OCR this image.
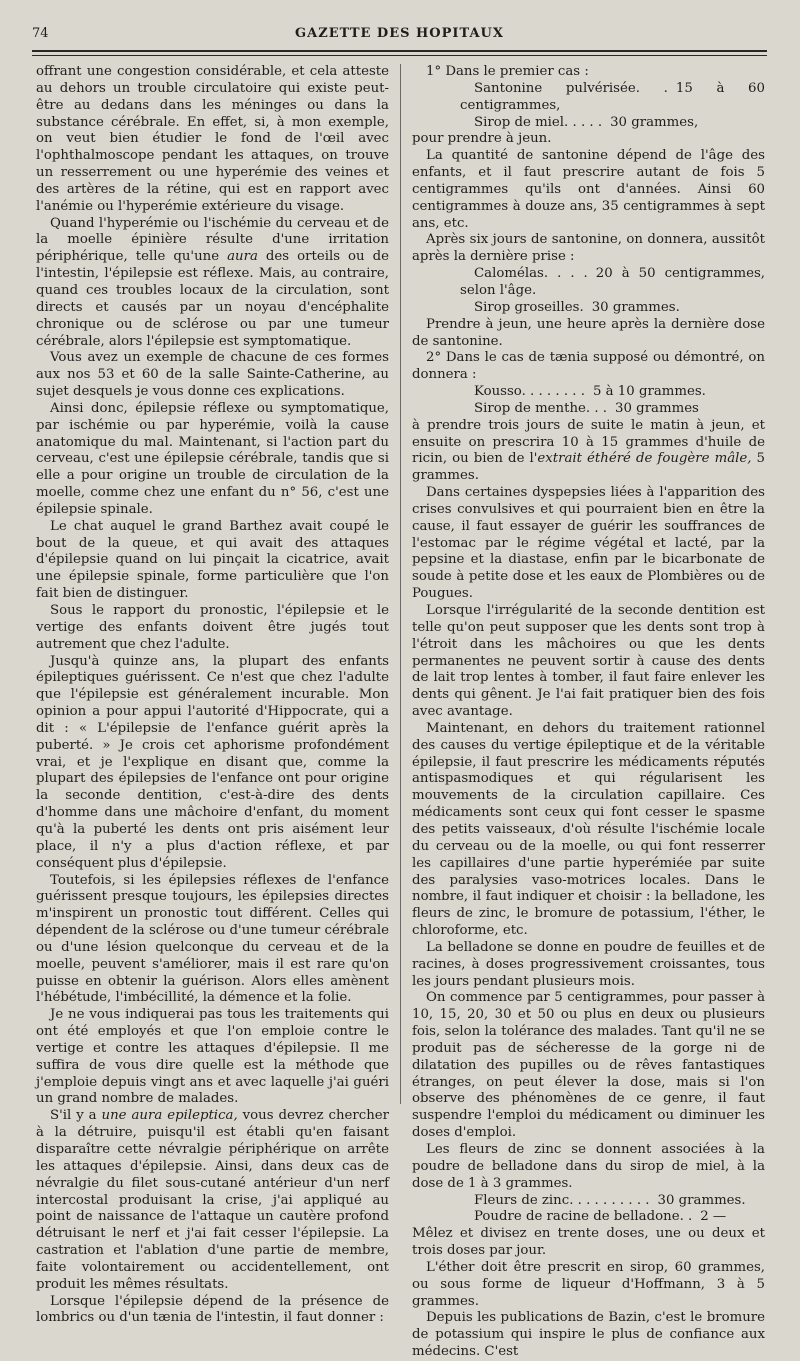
74	GAZETTE DES HOPITAUX

offrant une congestion considérable, et cela atteste au dehors un trouble circulatoire qui existe peut-être au dedans dans les méninges ou dans la substance cérébrale. En effet, si, à mon exemple, on veut bien étudier le fond de l'œil avec l'ophthalmoscope pendant les attaques, on trouve un resserrement ou une hyperémie des veines et des artères de la rétine, qui est en rapport avec l'anémie ou l'hyperémie extérieure du visage.

Quand l'hyperémie ou l'ischémie du cerveau et de la moelle épinière résulte d'une irritation périphérique, telle qu'une aura des orteils ou de l'intestin, l'épilepsie est réflexe. Mais, au contraire, quand ces troubles locaux de la circulation, sont directs et causés par un noyau d'encéphalite chronique ou de sclérose ou par une tumeur cérébrale, alors l'épilepsie est symptomatique.

Vous avez un exemple de chacune de ces formes aux nos 53 et 60 de la salle Sainte-Catherine, au sujet desquels je vous donne ces explications.

Ainsi donc, épilepsie réflexe ou symptomatique, par ischémie ou par hyperémie, voilà la cause anatomique du mal. Maintenant, si l'action part du cerveau, c'est une épilepsie cérébrale, tandis que si elle a pour origine un trouble de circulation de la moelle, comme chez une enfant du n° 56, c'est une épilepsie spinale.

Le chat auquel le grand Barthez avait coupé le bout de la queue, et qui avait des attaques d'épilepsie quand on lui pinçait la cicatrice, avait une épilepsie spinale, forme particulière que l'on fait bien de distinguer.

Sous le rapport du pronostic, l'épilepsie et le vertige des enfants doivent être jugés tout autrement que chez l'adulte.

Jusqu'à quinze ans, la plupart des enfants épileptiques guérissent. Ce n'est que chez l'adulte que l'épilepsie est généralement incurable. Mon opinion a pour appui l'autorité d'Hippocrate, qui a dit : « L'épilepsie de l'enfance guérit après la puberté. » Je crois cet aphorisme profondément vrai, et je l'explique en disant que, comme la plupart des épilepsies de l'enfance ont pour origine la seconde dentition, c'est-à-dire des dents d'homme dans une mâchoire d'enfant, du moment qu'à la puberté les dents ont pris aisément leur place, il n'y a plus d'action réflexe, et par conséquent plus d'épilepsie.

Toutefois, si les épilepsies réflexes de l'enfance guérissent presque toujours, les épilepsies directes m'inspirent un pronostic tout différent. Celles qui dépendent de la sclérose ou d'une tumeur cérébrale ou d'une lésion quelconque du cerveau et de la moelle, peuvent s'améliorer, mais il est rare qu'on puisse en obtenir la guérison. Alors elles amènent l'hébétude, l'imbécillité, la démence et la folie.

Je ne vous indiquerai pas tous les traitements qui ont été employés et que l'on emploie contre le vertige et contre les attaques d'épilepsie. Il me suffira de vous dire quelle est la méthode que j'emploie depuis vingt ans et avec laquelle j'ai guéri un grand nombre de malades.

S'il y a une aura epileptica, vous devrez chercher à la détruire, puisqu'il est établi qu'en faisant disparaître cette névralgie périphérique on arrête les attaques d'épilepsie. Ainsi, dans deux cas de névralgie du filet sous-cutané antérieur d'un nerf intercostal produisant la crise, j'ai appliqué au point de naissance de l'attaque un cautère profond détruisant le nerf et j'ai fait cesser l'épilepsie. La castration et l'ablation d'une partie de membre, faite volontairement ou accidentellement, ont produit les mêmes résultats.

Lorsque l'épilepsie dépend de la présence de lombrics ou d'un tænia de l'intestin, il faut donner :

1° Dans le premier cas :

Santonine pulvérisée. . 15 à 60 centigrammes,

Sirop de miel. . . . . 30 grammes,

pour prendre à jeun.

La quantité de santonine dépend de l'âge des enfants, et il faut prescrire autant de fois 5 centigrammes qu'ils ont d'années. Ainsi 60 centigrammes à douze ans, 35 centigrammes à sept ans, etc.

Après six jours de santonine, on donnera, aussitôt après la dernière prise :

Calomélas. . . . 20 à 50 centigrammes, selon l'âge.

Sirop groseilles. 30 grammes.

Prendre à jeun, une heure après la dernière dose de santonine.

2° Dans le cas de tænia supposé ou démontré, on donnera :

Kousso. . . . . . . . 5 à 10 grammes.

Sirop de menthe. . . 30 grammes

à prendre trois jours de suite le matin à jeun, et ensuite on prescrira 10 à 15 grammes d'huile de ricin, ou bien de l'extrait éthéré de fougère mâle, 5 grammes.

Dans certaines dyspepsies liées à l'apparition des crises convulsives et qui pourraient bien en être la cause, il faut essayer de guérir les souffrances de l'estomac par le régime végétal et lacté, par la pepsine et la diastase, enfin par le bicarbonate de soude à petite dose et les eaux de Plombières ou de Pougues.

Lorsque l'irrégularité de la seconde dentition est telle qu'on peut supposer que les dents sont trop à l'étroit dans les mâchoires ou que les dents permanentes ne peuvent sortir à cause des dents de lait trop lentes à tomber, il faut faire enlever les dents qui gênent. Je l'ai fait pratiquer bien des fois avec avantage.

Maintenant, en dehors du traitement rationnel des causes du vertige épileptique et de la véritable épilepsie, il faut prescrire les médicaments réputés antispasmodiques et qui régularisent les mouvements de la circulation capillaire. Ces médicaments sont ceux qui font cesser le spasme des petits vaisseaux, d'où résulte l'ischémie locale du cerveau ou de la moelle, ou qui font resserrer les capillaires d'une partie hyperémiée par suite des paralysies vaso-motrices locales. Dans le nombre, il faut indiquer et choisir : la belladone, les fleurs de zinc, le bromure de potassium, l'éther, le chloroforme, etc.

La belladone se donne en poudre de feuilles et de racines, à doses progressivement croissantes, tous les jours pendant plusieurs mois.

On commence par 5 centigrammes, pour passer à 10, 15, 20, 30 et 50 ou plus en deux ou plusieurs fois, selon la tolérance des malades. Tant qu'il ne se produit pas de sécheresse de la gorge ni de dilatation des pupilles ou de rêves fantastiques étranges, on peut élever la dose, mais si l'on observe des phénomènes de ce genre, il faut suspendre l'emploi du médicament ou diminuer les doses d'emploi.

Les fleurs de zinc se donnent associées à la poudre de belladone dans du sirop de miel, à la dose de 1 à 3 grammes.

Fleurs de zinc. . . . . . . . . . 30 grammes.

Poudre de racine de belladone. . 2 —

Mêlez et divisez en trente doses, une ou deux et trois doses par jour.

L'éther doit être prescrit en sirop, 60 grammes, ou sous forme de liqueur d'Hoffmann, 3 à 5 grammes.

Depuis les publications de Bazin, c'est le bromure de potassium qui inspire le plus de confiance aux médecins. C'est
